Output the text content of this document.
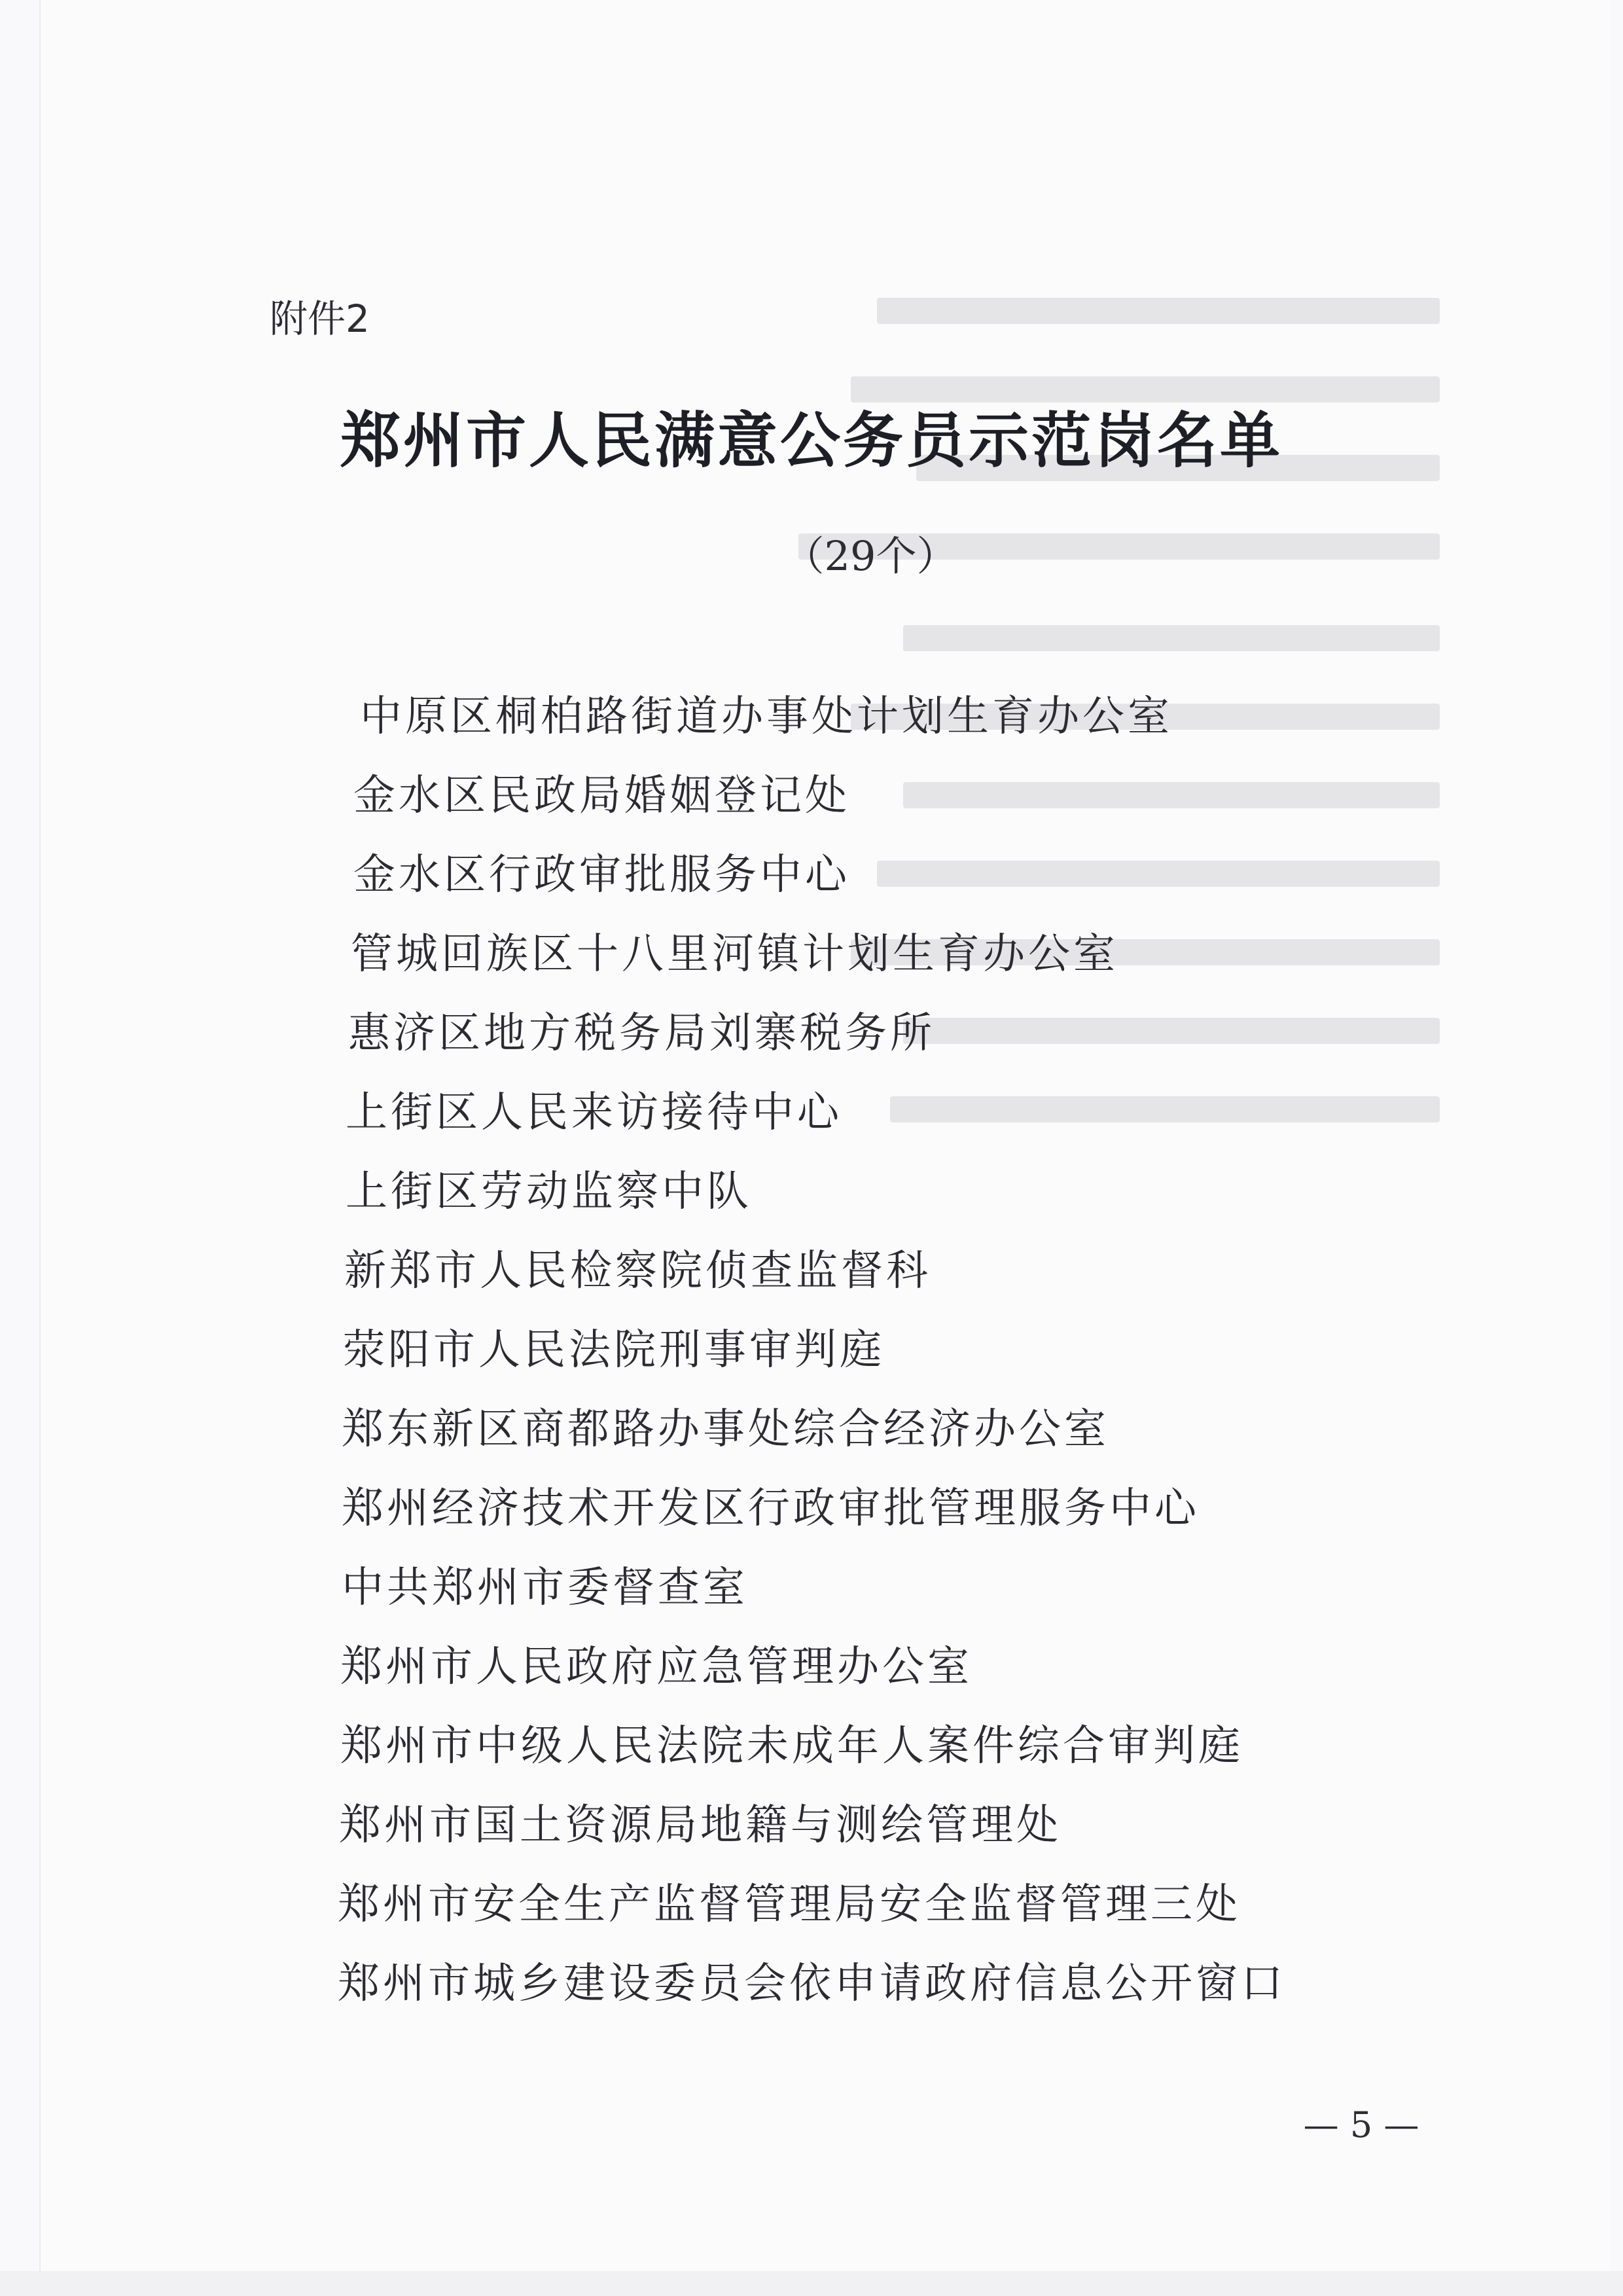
附件2
郑州市人民满意公务员示范岗名单
（29个）
中原区桐柏路街道办事处计划生育办公室
金水区民政局婚姻登记处
金水区行政审批服务中心
管城回族区十八里河镇计划生育办公室
惠济区地方税务局刘寨税务所
上街区人民来访接待中心
上街区劳动监察中队
新郑市人民检察院侦查监督科
荥阳市人民法院刑事审判庭
郑东新区商都路办事处综合经济办公室
郑州经济技术开发区行政审批管理服务中心
中共郑州市委督查室
郑州市人民政府应急管理办公室
郑州市中级人民法院未成年人案件综合审判庭
郑州市国土资源局地籍与测绘管理处
郑州市安全生产监督管理局安全监督管理三处
郑州市城乡建设委员会依申请政府信息公开窗口
— 5 —
